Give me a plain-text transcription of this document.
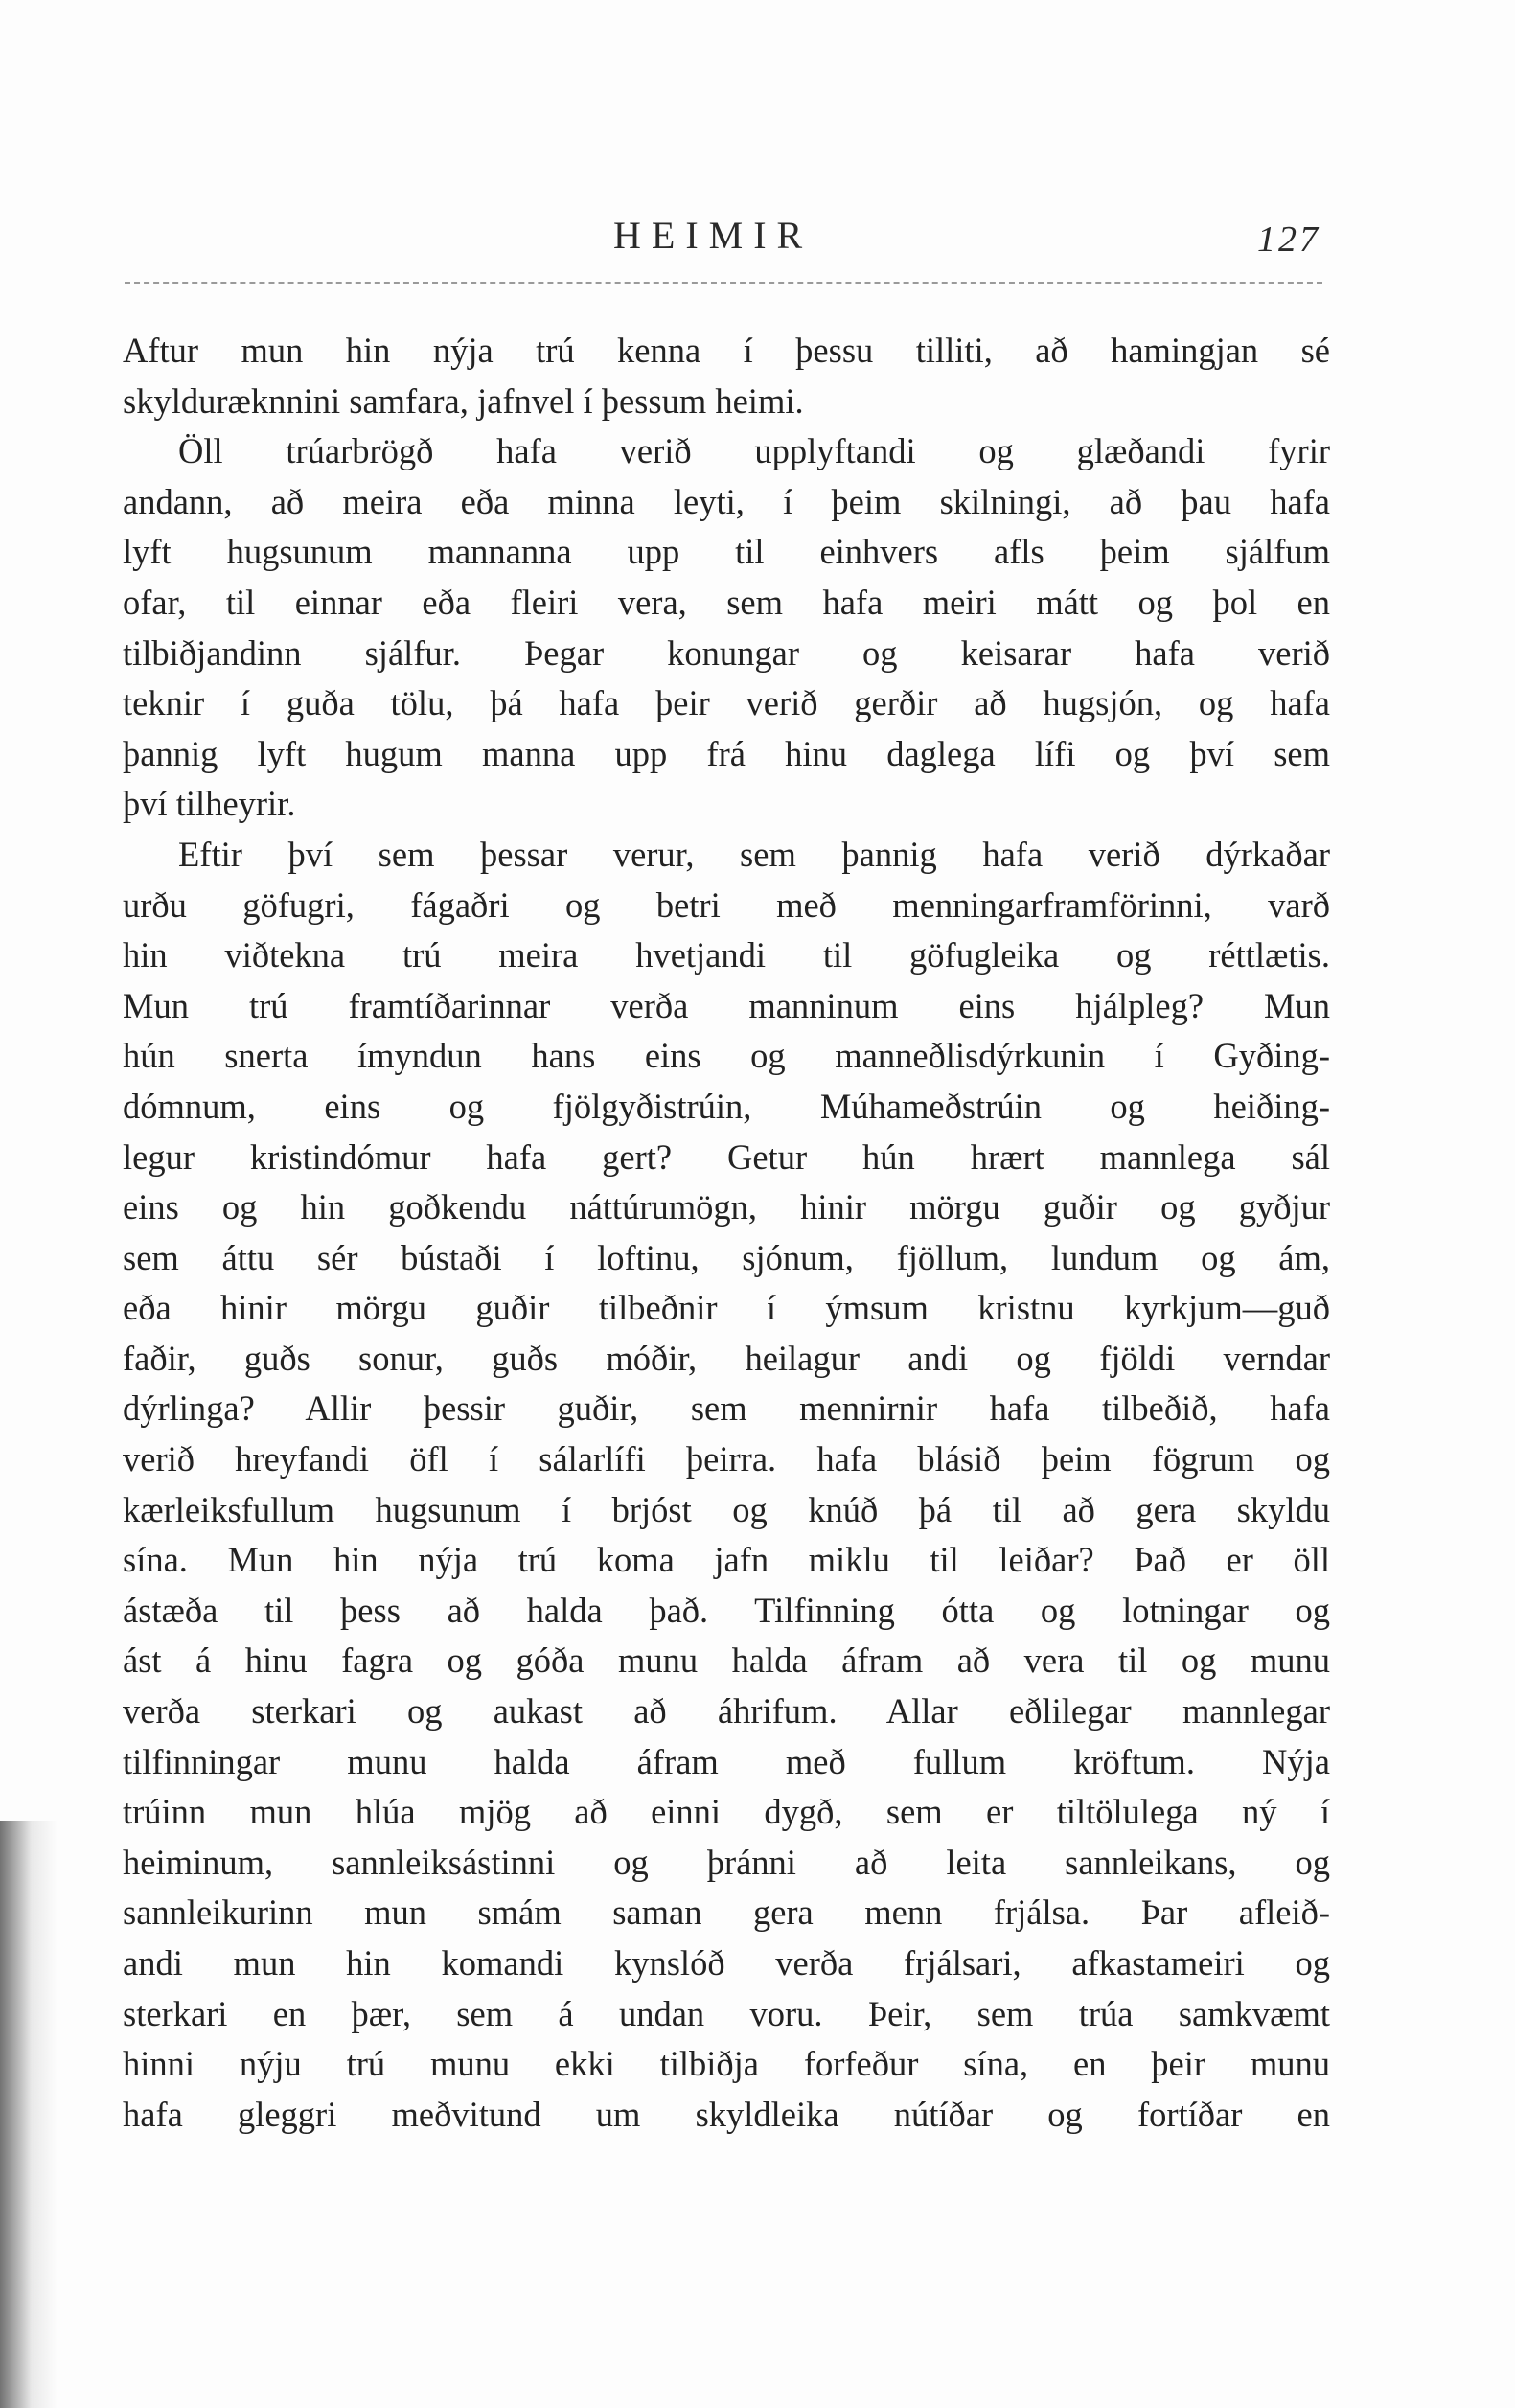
HEIMIR	127
Aftur mun hin nýja trú kenna í þessu tilliti, að hamingjan sé
skylduræknnini samfara, jafnvel í þessum heimi.
Öll trúarbrögð hafa verið upplyftandi og glæðandi fyrir
andann, að meira eða minna leyti, í þeim skilningi, að þau hafa
lyft hugsunum mannanna upp til einhvers afls þeim sjálfum
ofar, til einnar eða fleiri vera, sem hafa meiri mátt og þol en
tilbiðjandinn sjálfur. Þegar konungar og keisarar hafa verið
teknir í guða tölu, þá hafa þeir verið gerðir að hugsjón, og hafa
þannig lyft hugum manna upp frá hinu daglega lífi og því sem
því tilheyrir.
Eftir því sem þessar verur, sem þannig hafa verið dýrkaðar
urðu göfugri, fágaðri og betri með menningarframförinni, varð
hin viðtekna trú meira hvetjandi til göfugleika og réttlætis.
Mun trú framtíðarinnar verða manninum eins hjálpleg? Mun
hún snerta ímyndun hans eins og manneðlisdýrkunin í Gyðing-
dómnum, eins og fjölgyðistrúin, Múhameðstrúin og heiðing-
legur kristindómur hafa gert? Getur hún hrært mannlega sál
eins og hin goðkendu náttúrumögn, hinir mörgu guðir og gyðjur
sem áttu sér bústaði í loftinu, sjónum, fjöllum, lundum og ám,
eða hinir mörgu guðir tilbeðnir í ýmsum kristnu kyrkjum—guð
faðir, guðs sonur, guðs móðir, heilagur andi og fjöldi verndar
dýrlinga? Allir þessir guðir, sem mennirnir hafa tilbeðið, hafa
verið hreyfandi öfl í sálarlífi þeirra. hafa blásið þeim fögrum og
kærleiksfullum hugsunum í brjóst og knúð þá til að gera skyldu
sína. Mun hin nýja trú koma jafn miklu til leiðar? Það er öll
ástæða til þess að halda það. Tilfinning ótta og lotningar og
ást á hinu fagra og góða munu halda áfram að vera til og munu
verða sterkari og aukast að áhrifum. Allar eðlilegar mannlegar
tilfinningar munu halda áfram með fullum kröftum. Nýja
trúinn mun hlúa mjög að einni dygð, sem er tiltölulega ný í
heiminum, sannleiksástinni og þránni að leita sannleikans, og
sannleikurinn mun smám saman gera menn frjálsa. Þar afleið-
andi mun hin komandi kynslóð verða frjálsari, afkastameiri og
sterkari en þær, sem á undan voru. Þeir, sem trúa samkvæmt
hinni nýju trú munu ekki tilbiðja forfeður sína, en þeir munu
hafa gleggri meðvitund um skyldleika nútíðar og fortíðar en
